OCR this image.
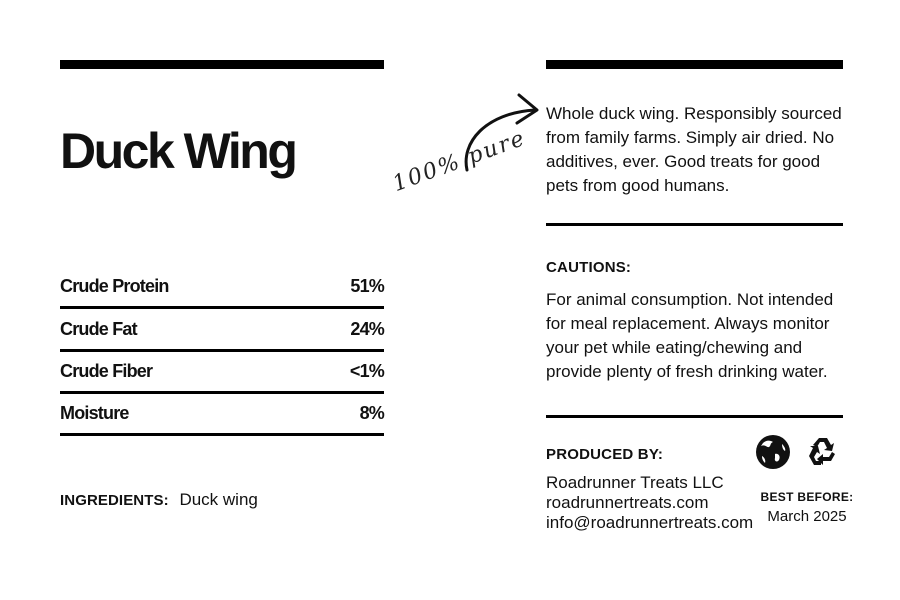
Duck Wing
Crude Protein	51%
Crude Fat	24%
Crude Fiber	<1%
Moisture	8%
INGREDIENTS: Duck wing
100% pure
Whole duck wing. Responsibly sourced from family farms. Simply air dried. No additives, ever. Good treats for good pets from good humans.
CAUTIONS:
For animal consumption. Not intended for meal replacement. Always monitor your pet while eating/chewing and provide plenty of fresh drinking water.
PRODUCED BY:
Roadrunner Treats LLC
roadrunnertreats.com
info@roadrunnertreats.com
BEST BEFORE:
March 2025
